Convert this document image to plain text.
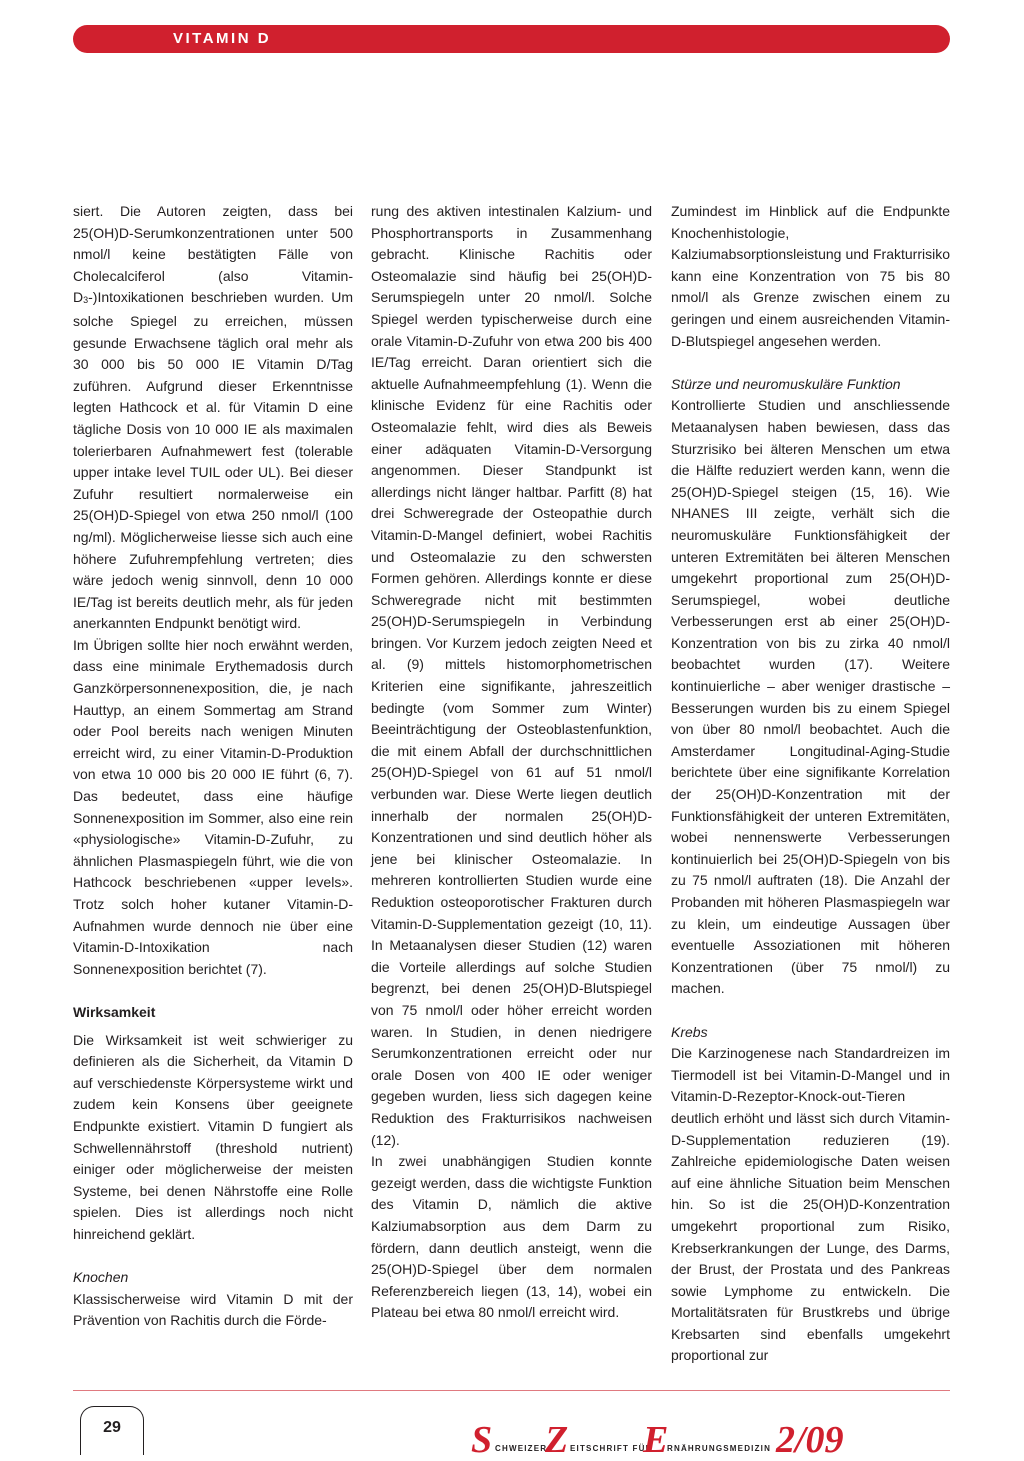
VITAMIN D

siert. Die Autoren zeigten, dass bei 25(OH)D-Serumkonzentrationen unter 500 nmol/l keine bestätigten Fälle von Cholecalciferol (also Vitamin-$D_3-)Intoxikationen$ beschrieben wurden. Um solche Spiegel zu erreichen, müssen gesunde Erwachsene täglich oral mehr als 30 000 bis 50 000 IE Vitamin D/Tag zuführen. Aufgrund dieser Erkenntnisse legten Hathcock et al. für Vitamin D eine tägliche Dosis von 10 000 IE als maximalen tolerierbaren Aufnahmewert fest (tolerable upper intake level TUIL oder UL). Bei dieser Zufuhr resultiert normalerweise ein 25(OH)D-Spiegel von etwa 250 nmol/l (100 ng/ml). Möglicherweise liesse sich auch eine höhere Zufuhrempfehlung vertreten; dies wäre jedoch wenig sinnvoll, denn 10 000 IE/Tag ist bereits deutlich mehr, als für jeden anerkannten Endpunkt benötigt wird.

Im Übrigen sollte hier noch erwähnt werden, dass eine minimale Erythemadosis durch Ganzkörpersonnenexposition, die, je nach Hauttyp, an einem Sommertag am Strand oder Pool bereits nach wenigen Minuten erreicht wird, zu einer Vitamin-D-Produktion von etwa 10 000 bis 20 000 IE führt (6, 7). Das bedeutet, dass eine häufige Sonnenexposition im Sommer, also eine rein «physiologische» Vitamin-D-Zufuhr, zu ähnlichen Plasmaspiegeln führt, wie die von Hathcock beschriebenen «upper levels». Trotz solch hoher kutaner Vitamin-D-Aufnahmen wurde dennoch nie über eine Vitamin-D-Intoxikation nach Sonnenexposition berichtet (7).

Wirksamkeit

Die Wirksamkeit ist weit schwieriger zu definieren als die Sicherheit, da Vitamin D auf verschiedenste Körpersysteme wirkt und zudem kein Konsens über geeignete Endpunkte existiert. Vitamin D fungiert als Schwellennährstoff (threshold nutrient) einiger oder möglicherweise der meisten Systeme, bei denen Nährstoffe eine Rolle spielen. Dies ist allerdings noch nicht hinreichend geklärt.

Knochen

Klassischerweise wird Vitamin D mit der Prävention von Rachitis durch die Förde-

rung des aktiven intestinalen Kalzium- und Phosphortransports in Zusammenhang gebracht. Klinische Rachitis oder Osteomalazie sind häufig bei 25(OH)D-Serumspiegeln unter 20 nmol/l. Solche Spiegel werden typischerweise durch eine orale Vitamin-D-Zufuhr von etwa 200 bis 400 IE/Tag erreicht. Daran orientiert sich die aktuelle Aufnahmeempfehlung (1). Wenn die klinische Evidenz für eine Rachitis oder Osteomalazie fehlt, wird dies als Beweis einer adäquaten Vitamin-D-Versorgung angenommen. Dieser Standpunkt ist allerdings nicht länger haltbar. Parfitt (8) hat drei Schweregrade der Osteopathie durch Vitamin-D-Mangel definiert, wobei Rachitis und Osteomalazie zu den schwersten Formen gehören. Allerdings konnte er diese Schweregrade nicht mit bestimmten 25(OH)D-Serumspiegeln in Verbindung bringen. Vor Kurzem jedoch zeigten Need et al. (9) mittels histomorphometrischen Kriterien eine signifikante, jahreszeitlich bedingte (vom Sommer zum Winter) Beeinträchtigung der Osteoblastenfunktion, die mit einem Abfall der durchschnittlichen 25(OH)D-Spiegel von 61 auf 51 nmol/l verbunden war. Diese Werte liegen deutlich innerhalb der normalen 25(OH)D-Konzentrationen und sind deutlich höher als jene bei klinischer Osteomalazie. In mehreren kontrollierten Studien wurde eine Reduktion osteoporotischer Frakturen durch Vitamin-D-Supplementation gezeigt (10, 11). In Metaanalysen dieser Studien (12) waren die Vorteile allerdings auf solche Studien begrenzt, bei denen 25(OH)D-Blutspiegel von 75 nmol/l oder höher erreicht worden waren. In Studien, in denen niedrigere Serumkonzentrationen erreicht oder nur orale Dosen von 400 IE oder weniger gegeben wurden, liess sich dagegen keine Reduktion des Frakturrisikos nachweisen (12).

In zwei unabhängigen Studien konnte gezeigt werden, dass die wichtigste Funktion des Vitamin D, nämlich die aktive Kalziumabsorption aus dem Darm zu fördern, dann deutlich ansteigt, wenn die 25(OH)D-Spiegel über dem normalen Referenzbereich liegen (13, 14), wobei ein Plateau bei etwa 80 nmol/l erreicht wird.

Zumindest im Hinblick auf die Endpunkte Knochenhistologie, Kalziumabsorptionsleistung und Frakturrisiko kann eine Konzentration von 75 bis 80 nmol/l als Grenze zwischen einem zu geringen und einem ausreichenden Vitamin-D-Blutspiegel angesehen werden.

Stürze und neuromuskuläre Funktion

Kontrollierte Studien und anschliessende Metaanalysen haben bewiesen, dass das Sturzrisiko bei älteren Menschen um etwa die Hälfte reduziert werden kann, wenn die 25(OH)D-Spiegel steigen (15, 16). Wie NHANES III zeigte, verhält sich die neuromuskuläre Funktionsfähigkeit der unteren Extremitäten bei älteren Menschen umgekehrt proportional zum 25(OH)D-Serumspiegel, wobei deutliche Verbesserungen erst ab einer 25(OH)D-Konzentration von bis zu zirka 40 nmol/l beobachtet wurden (17). Weitere kontinuierliche – aber weniger drastische – Besserungen wurden bis zu einem Spiegel von über 80 nmol/l beobachtet. Auch die Amsterdamer Longitudinal-Aging-Studie berichtete über eine signifikante Korrelation der 25(OH)D-Konzentration mit der Funktionsfähigkeit der unteren Extremitäten, wobei nennenswerte Verbesserungen kontinuierlich bei 25(OH)D-Spiegeln von bis zu 75 nmol/l auftraten (18). Die Anzahl der Probanden mit höheren Plasmaspiegeln war zu klein, um eindeutige Aussagen über eventuelle Assoziationen mit höheren Konzentrationen (über 75 nmol/l) zu machen.

Krebs

Die Karzinogenese nach Standardreizen im Tiermodell ist bei Vitamin-D-Mangel und in Vitamin-D-Rezeptor-Knock-out-Tieren deutlich erhöht und lässt sich durch Vitamin-D-Supplementation reduzieren (19). Zahlreiche epidemiologische Daten weisen auf eine ähnliche Situation beim Menschen hin. So ist die 25(OH)D-Konzentration umgekehrt proportional zum Risiko, Krebserkrankungen der Lunge, des Darms, der Brust, der Prostata und des Pankreas sowie Lymphome zu entwickeln. Die Mortalitätsraten für Brustkrebs und übrige Krebsarten sind ebenfalls umgekehrt proportional zur

29	S CHWEIZER
Z EITSCHRIFT FÜR
E
RNÄHRUNGSMEDIZIN 2/09
